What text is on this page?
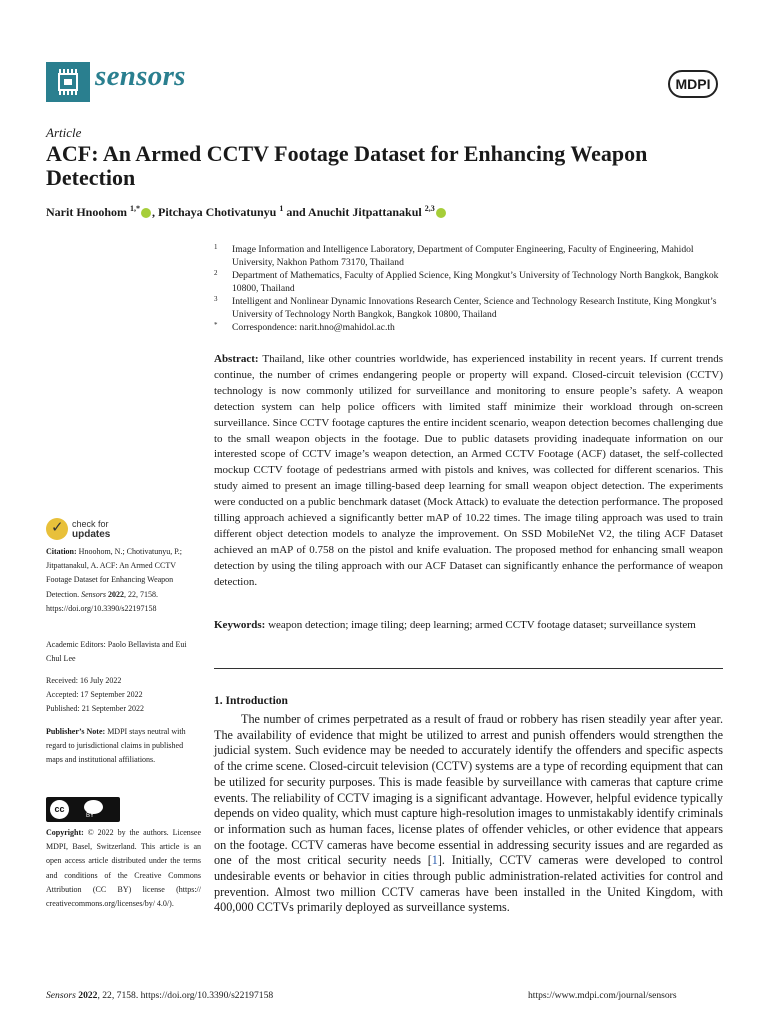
sensors	MDPI
Article
ACF: An Armed CCTV Footage Dataset for Enhancing Weapon Detection
Narit Hnoohom $^{1,*}$ , Pitchaya Chotivatunyu $^1$ and Anuchit Jitpattanakul $^{2,3}$
1 Image Information and Intelligence Laboratory, Department of Computer Engineering, Faculty of Engineering, Mahidol University, Nakhon Pathom 73170, Thailand
2 Department of Mathematics, Faculty of Applied Science, King Mongkut’s University of Technology North Bangkok, Bangkok 10800, Thailand
3 Intelligent and Nonlinear Dynamic Innovations Research Center, Science and Technology Research Institute, King Mongkut’s University of Technology North Bangkok, Bangkok 10800, Thailand
* Correspondence: narit.hno@mahidol.ac.th
Abstract: Thailand, like other countries worldwide, has experienced instability in recent years. If current trends continue, the number of crimes endangering people or property will expand. Closed-circuit television (CCTV) technology is now commonly utilized for surveillance and monitoring to ensure people’s safety. A weapon detection system can help police officers with limited staff minimize their workload through on-screen surveillance. Since CCTV footage captures the entire incident scenario, weapon detection becomes challenging due to the small weapon objects in the footage. Due to public datasets providing inadequate information on our interested scope of CCTV image’s weapon detection, an Armed CCTV Footage (ACF) dataset, the self-collected mockup CCTV footage of pedestrians armed with pistols and knives, was collected for different scenarios. This study aimed to present an image tilling-based deep learning for small weapon object detection. The experiments were conducted on a public benchmark dataset (Mock Attack) to evaluate the detection performance. The proposed tilling approach achieved a significantly better mAP of 10.22 times. The image tiling approach was used to train different object detection models to analyze the improvement. On SSD MobileNet V2, the tiling ACF Dataset achieved an mAP of 0.758 on the pistol and knife evaluation. The proposed method for enhancing small weapon detection by using the tiling approach with our ACF Dataset can significantly enhance the performance of weapon detection.
Keywords: weapon detection; image tiling; deep learning; armed CCTV footage dataset; surveillance system
1. Introduction
The number of crimes perpetrated as a result of fraud or robbery has risen steadily year after year. The availability of evidence that might be utilized to arrest and punish offenders would strengthen the judicial system. Such evidence may be needed to accurately identify the offenders and specific aspects of the crime scene. Closed-circuit television (CCTV) systems are a type of recording equipment that can be utilized for security purposes. This is made feasible by surveillance with cameras that capture crime events. The reliability of CCTV imaging is a significant advantage. However, helpful evidence typically depends on video quality, which must capture high-resolution images to unmistakably identify criminals or information such as human faces, license plates of offender vehicles, or other evidence that appears on the footage. CCTV cameras have become essential in addressing security issues and are regarded as one of the most critical security needs [1]. Initially, CCTV cameras were developed to control undesirable events or behavior in cities through public administration-related activities for control and prevention. Almost two million CCTV cameras have been installed in the United Kingdom, with 400,000 CCTVs primarily deployed as surveillance systems.
✓
check for
updates
Citation: Hnoohom, N.; Chotivatunyu, P.; Jitpattanakul, A. ACF: An Armed CCTV Footage Dataset for Enhancing Weapon Detection. Sensors 2022, 22, 7158. https://doi.org/10.3390/s22197158
Academic Editors: Paolo Bellavista and Eui Chul Lee
Received: 16 July 2022
Accepted: 17 September 2022
Published: 21 September 2022
Publisher’s Note: MDPI stays neutral with regard to jurisdictional claims in published maps and institutional affiliations.
cc
BY
Copyright: © 2022 by the authors. Licensee MDPI, Basel, Switzerland. This article is an open access article distributed under the terms and conditions of the Creative Commons Attribution (CC BY) license (https:// creativecommons.org/licenses/by/ 4.0/).
Sensors 2022, 22, 7158. https://doi.org/10.3390/s22197158	https://www.mdpi.com/journal/sensors
